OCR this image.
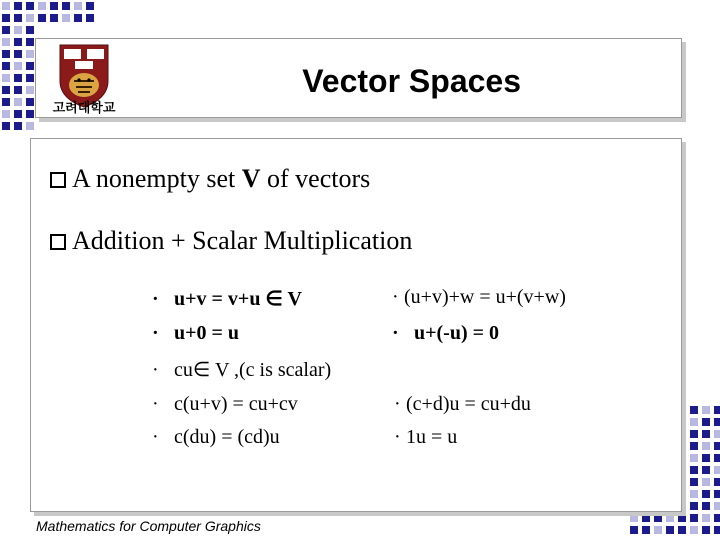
고려대학교
Vector Spaces
A nonempty set V of vectors
Addition + Scalar Multiplication
· u+v = v+u ∈ V
· u+0 = u
· cu∈ V ,(c is scalar)
· c(u+v) = cu+cv
· c(du) = (cd)u
· (u+v)+w = u+(v+w)
· u+(-u) = 0
· (c+d)u = cu+du
· 1u = u
Mathematics for Computer Graphics
